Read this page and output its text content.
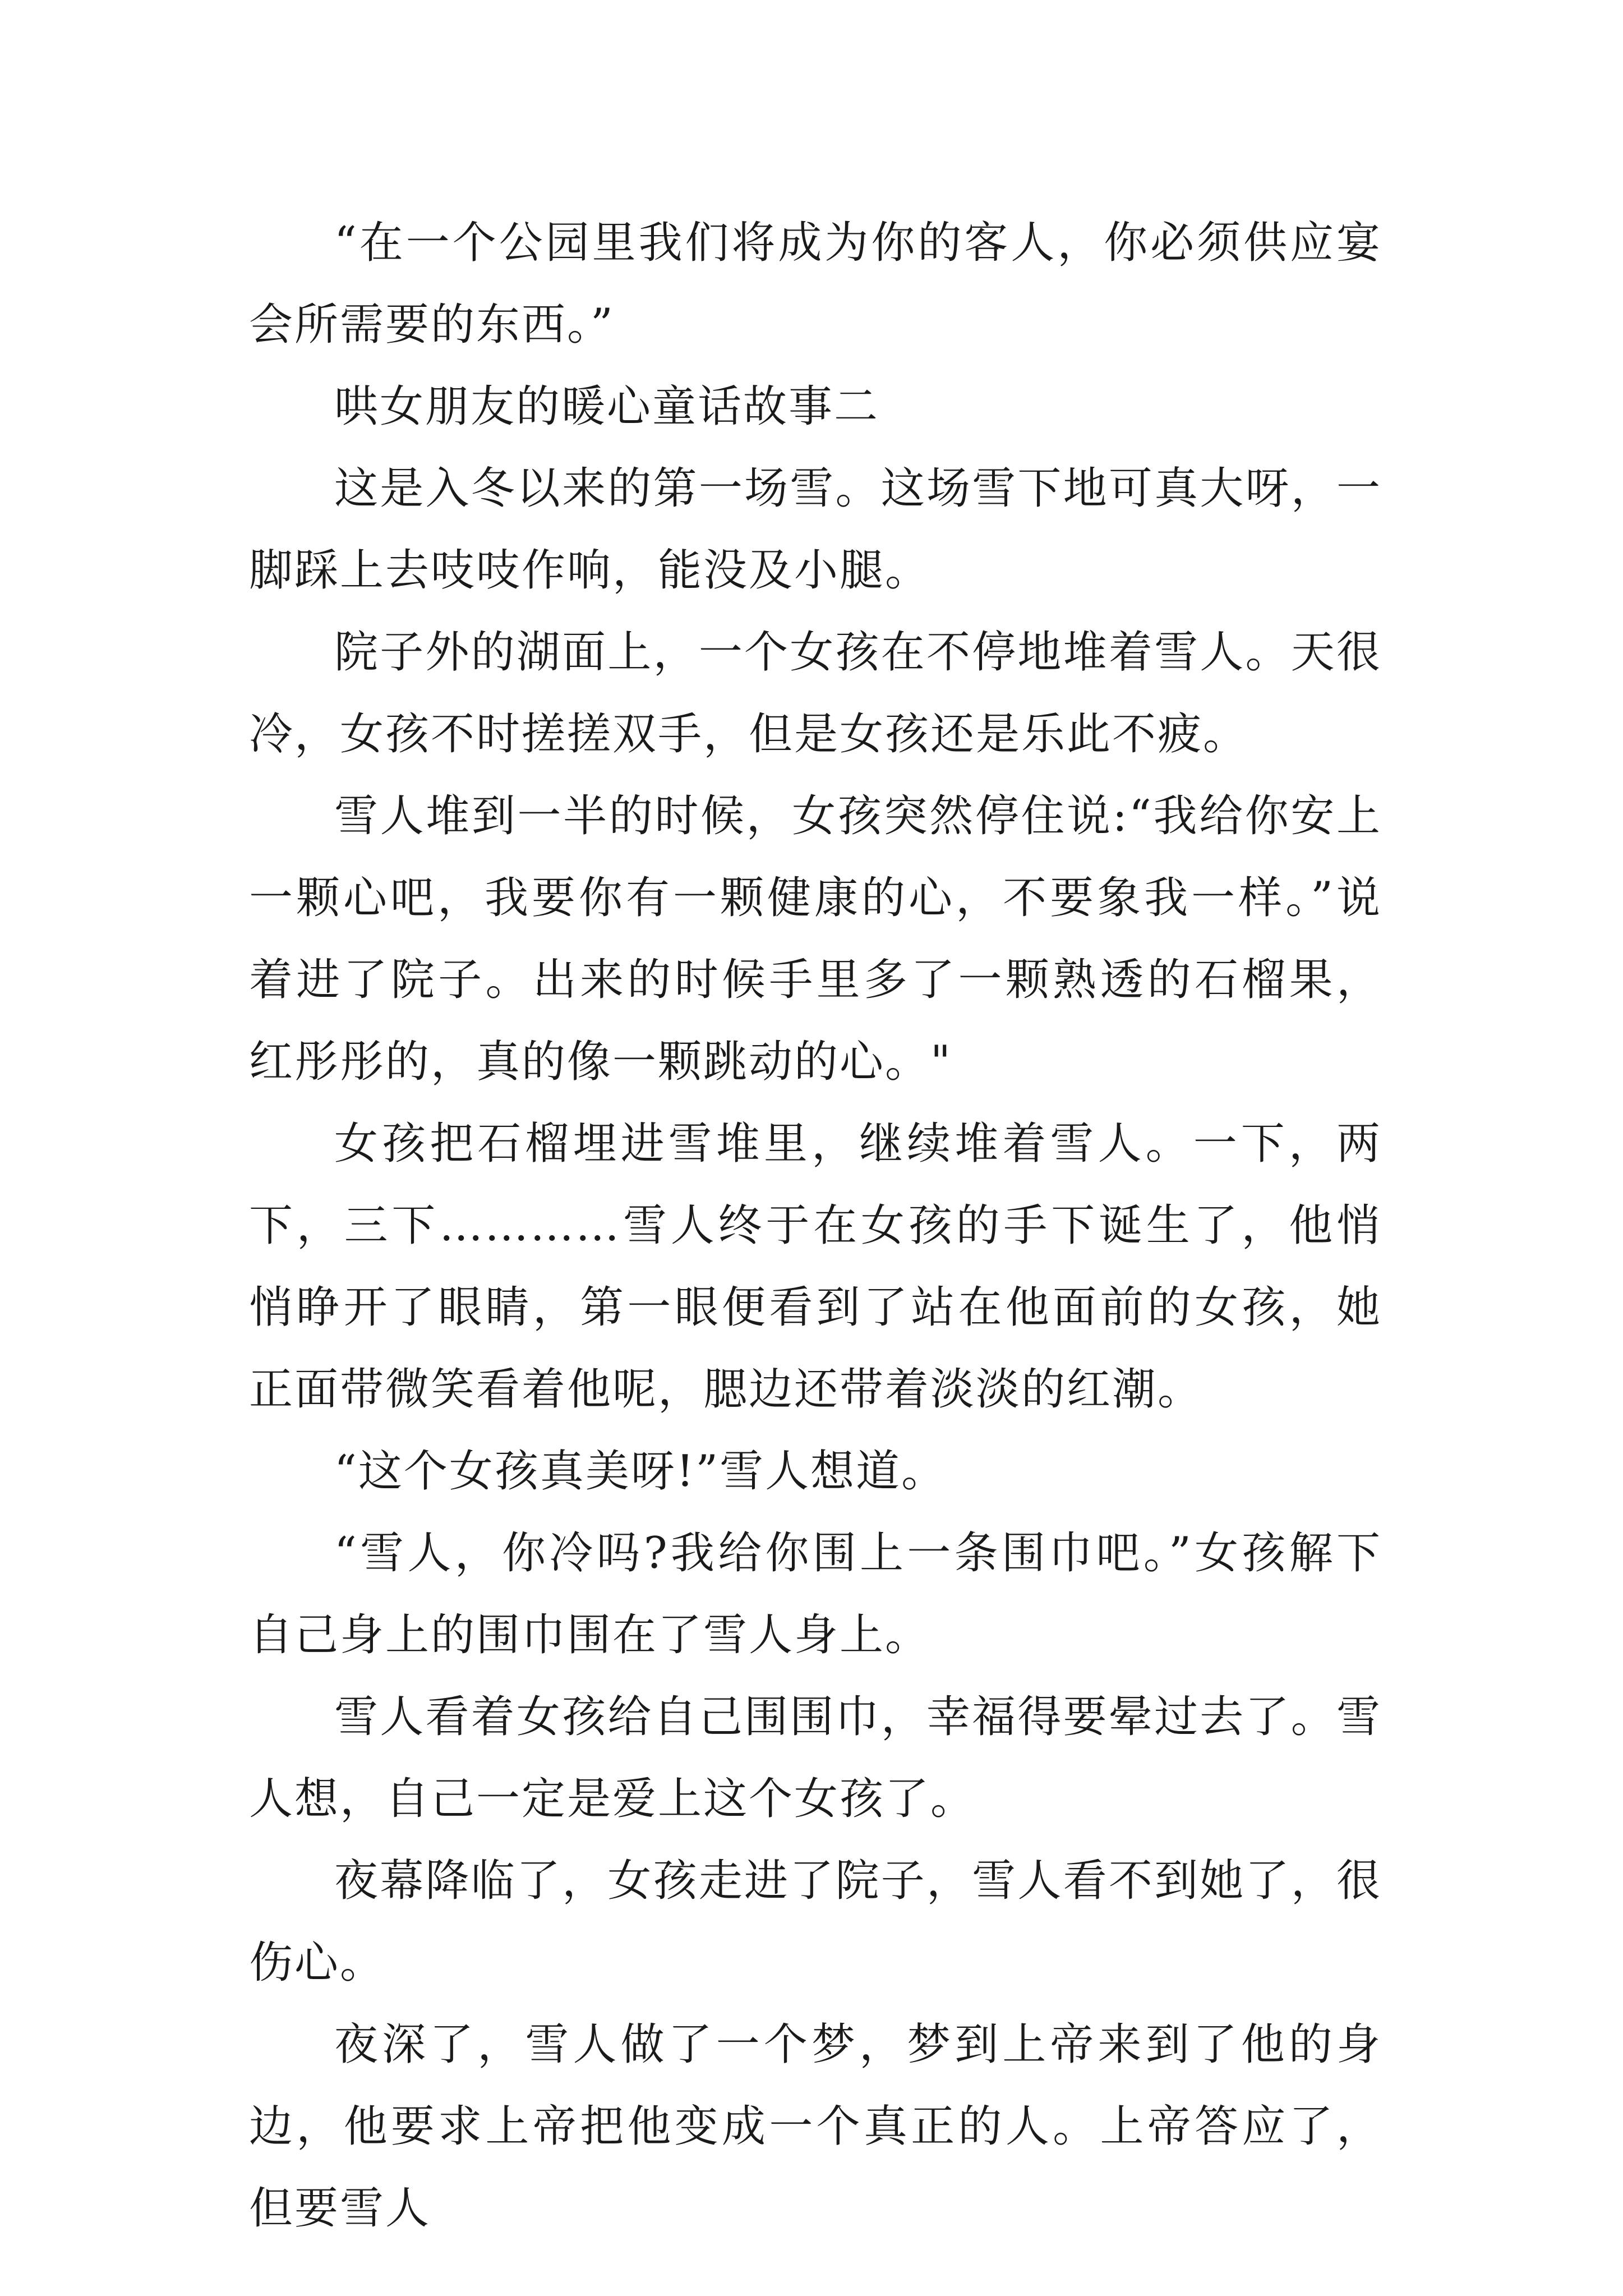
“在一个公园里我们将成为你的客人，你必须供应宴会所需要的东西。”

哄女朋友的暖心童话故事二

这是入冬以来的第一场雪。这场雪下地可真大呀，一脚踩上去吱吱作响，能没及小腿。

院子外的湖面上，一个女孩在不停地堆着雪人。天很冷，女孩不时搓搓双手，但是女孩还是乐此不疲。

雪人堆到一半的时候，女孩突然停住说:“我给你安上一颗心吧，我要你有一颗健康的心，不要象我一样。”说着进了院子。出来的时候手里多了一颗熟透的石榴果，红彤彤的，真的像一颗跳动的心。"

女孩把石榴埋进雪堆里，继续堆着雪人。一下，两下，三下…………雪人终于在女孩的手下诞生了，他悄悄睁开了眼睛，第一眼便看到了站在他面前的女孩，她正面带微笑看着他呢，腮边还带着淡淡的红潮。

“这个女孩真美呀!”雪人想道。

“雪人，你冷吗?我给你围上一条围巾吧。”女孩解下自己身上的围巾围在了雪人身上。

雪人看着女孩给自己围围巾，幸福得要晕过去了。雪人想，自己一定是爱上这个女孩了。

夜幕降临了，女孩走进了院子，雪人看不到她了，很伤心。

夜深了，雪人做了一个梦，梦到上帝来到了他的身边，他要求上帝把他变成一个真正的人。上帝答应了，但要雪人
